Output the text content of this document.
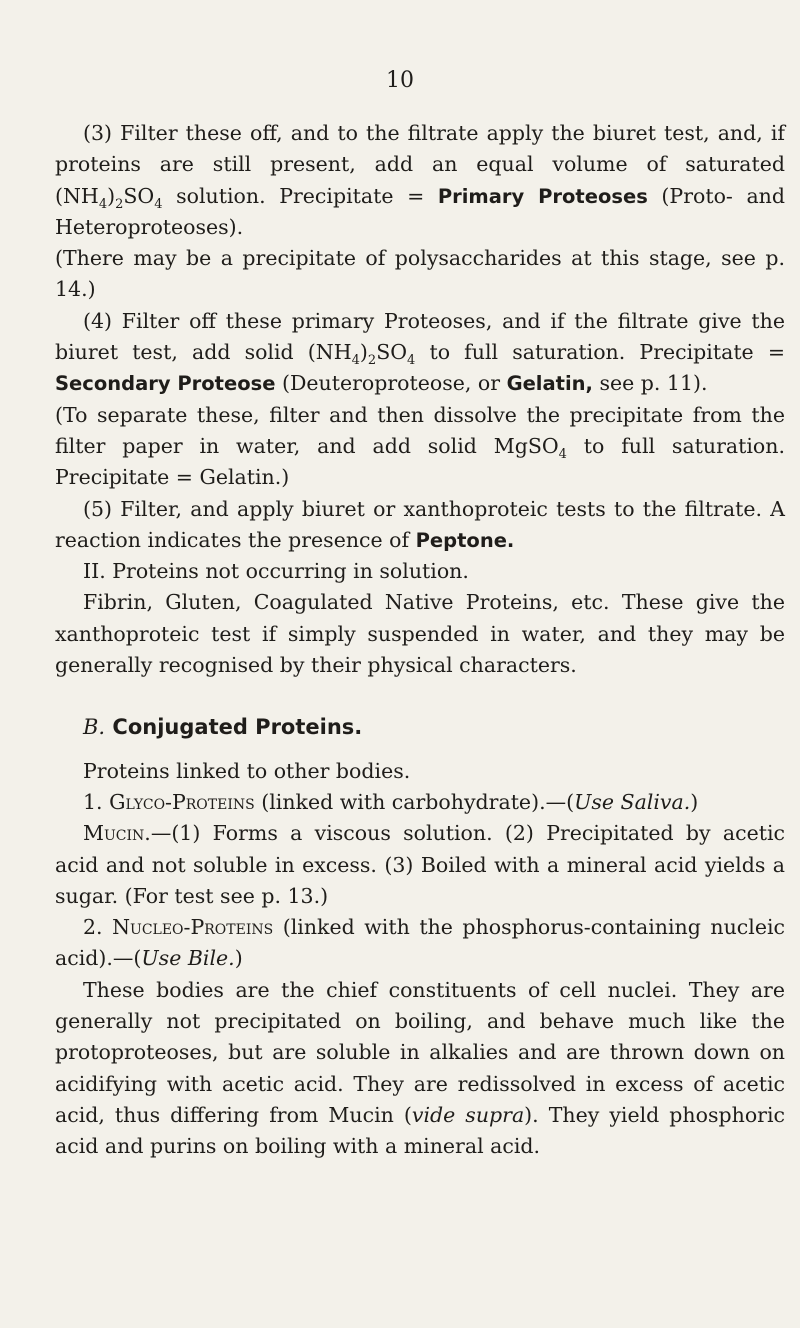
10

(3) Filter these off, and to the filtrate apply the biuret test, and, if proteins are still present, add an equal volume of saturated $(NH_4)_2SO_4$ solution. Precipitate = Primary Proteoses (Proto- and Heteroproteoses).

(There may be a precipitate of polysaccharides at this stage, see p. 14.)

(4) Filter off these primary Proteoses, and if the filtrate give the biuret test, add solid $(NH_4)_2SO_4$ to full saturation. Precipitate = Secondary Proteose (Deuteroproteose, or Gelatin, see p. 11).

(To separate these, filter and then dissolve the precipitate from the filter paper in water, and add solid MgSO$_4$ to full saturation. Precipitate = Gelatin.)

(5) Filter, and apply biuret or xanthoproteic tests to the filtrate. A reaction indicates the presence of Peptone.

II. Proteins not occurring in solution.

Fibrin, Gluten, Coagulated Native Proteins, etc. These give the xanthoproteic test if simply suspended in water, and they may be generally recognised by their physical characters.

B. Conjugated Proteins.

Proteins linked to other bodies.

1. Glyco-Proteins (linked with carbohydrate).—(Use Saliva.)

Mucin.—(1) Forms a viscous solution. (2) Precipitated by acetic acid and not soluble in excess. (3) Boiled with a mineral acid yields a sugar. (For test see p. 13.)

2. Nucleo-Proteins (linked with the phosphorus-containing nucleic acid).—(Use Bile.)

These bodies are the chief constituents of cell nuclei. They are generally not precipitated on boiling, and behave much like the protoproteoses, but are soluble in alkalies and are thrown down on acidifying with acetic acid. They are redissolved in excess of acetic acid, thus differing from Mucin (vide supra). They yield phosphoric acid and purins on boiling with a mineral acid.
